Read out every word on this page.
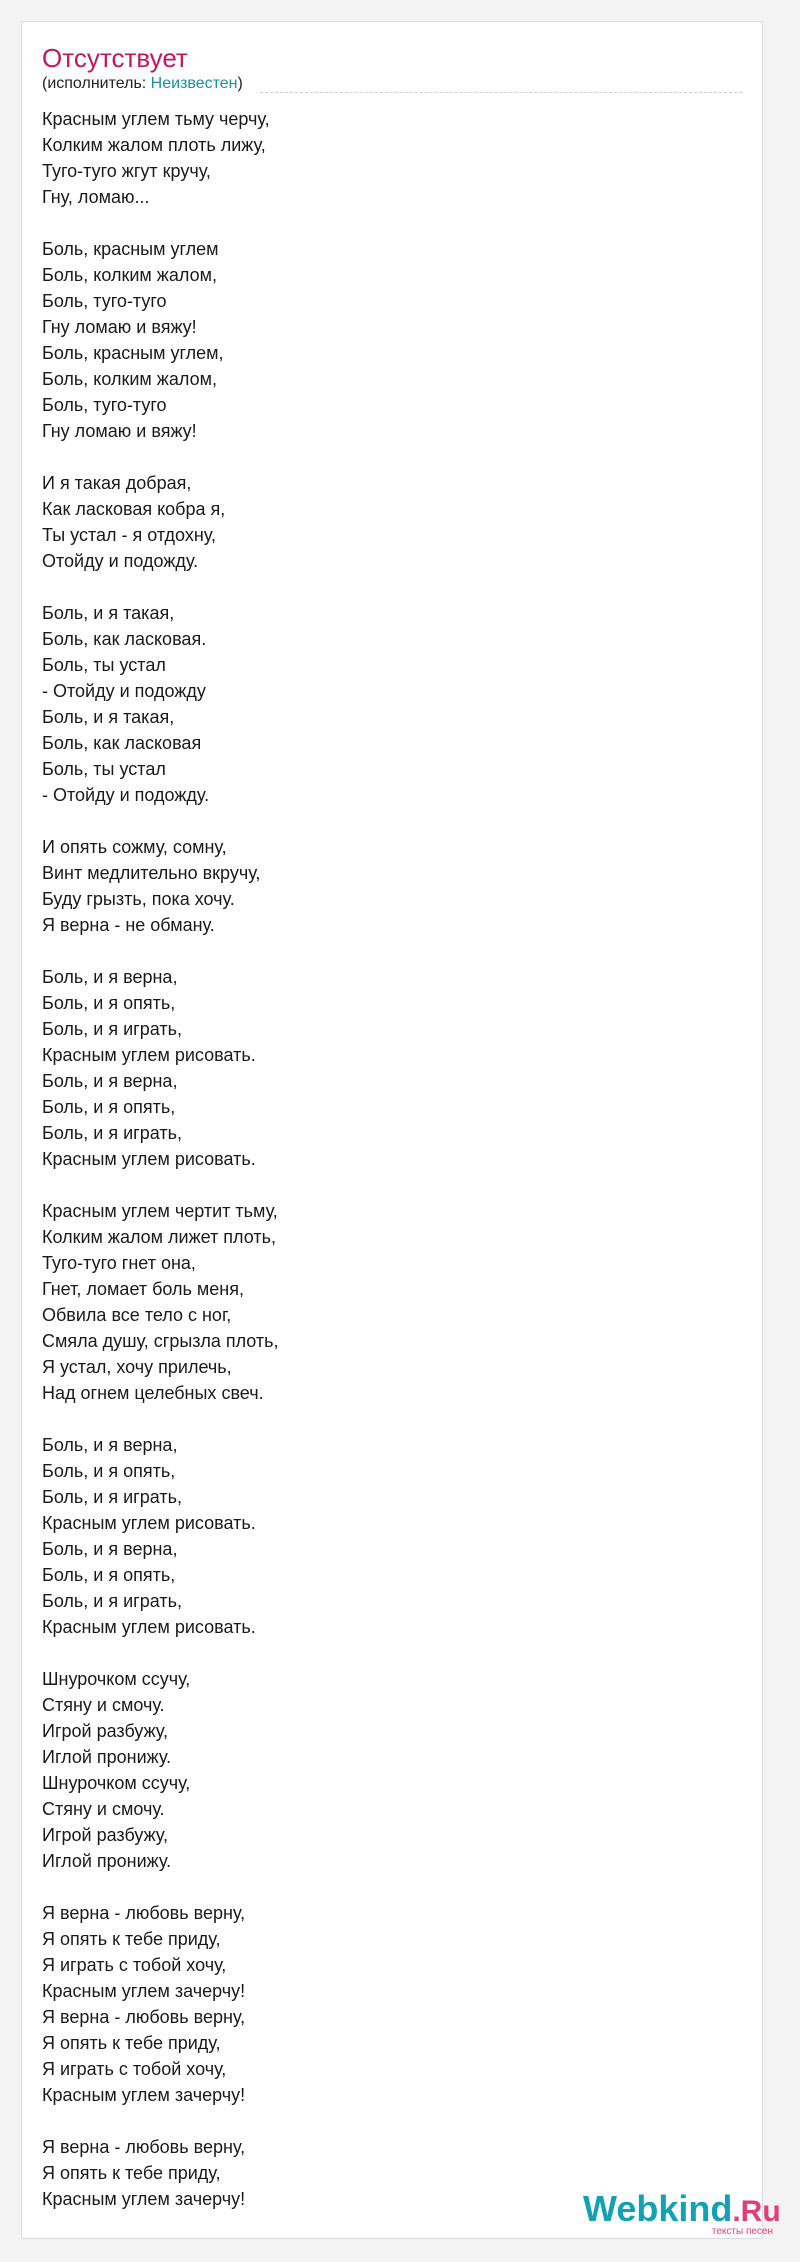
Отсутствует
(исполнитель: Неизвестен)
Красным углем тьму черчу,
Колким жалом плоть лижу,
Туго-туго жгут кручу,
Гну, ломаю...
Боль, красным углем
Боль, колким жалом,
Боль, туго-туго
Гну ломаю и вяжу!
Боль, красным углем,
Боль, колким жалом,
Боль, туго-туго
Гну ломаю и вяжу!
И я такая добрая,
Как ласковая кобра я,
Ты устал - я отдохну,
Отойду и подожду.
Боль, и я такая,
Боль, как ласковая.
Боль, ты устал
- Отойду и подожду
Боль, и я такая,
Боль, как ласковая
Боль, ты устал
- Отойду и подожду.
И опять сожму, сомну,
Винт медлительно вкручу,
Буду грызть, пока хочу.
Я верна - не обману.
Боль, и я верна,
Боль, и я опять,
Боль, и я играть,
Красным углем рисовать.
Боль, и я верна,
Боль, и я опять,
Боль, и я играть,
Красным углем рисовать.
Красным углем чертит тьму,
Колким жалом лижет плоть,
Туго-туго гнет она,
Гнет, ломает боль меня,
Обвила все тело с ног,
Смяла душу, сгрызла плоть,
Я устал, хочу прилечь,
Над огнем целебных свеч.
Боль, и я верна,
Боль, и я опять,
Боль, и я играть,
Красным углем рисовать.
Боль, и я верна,
Боль, и я опять,
Боль, и я играть,
Красным углем рисовать.
Шнурочком ссучу,
Стяну и смочу.
Игрой разбужу,
Иглой пронижу.
Шнурочком ссучу,
Стяну и смочу.
Игрой разбужу,
Иглой пронижу.
Я верна - любовь верну,
Я опять к тебе приду,
Я играть с тобой хочу,
Красным углем зачерчу!
Я верна - любовь верну,
Я опять к тебе приду,
Я играть с тобой хочу,
Красным углем зачерчу!
Я верна - любовь верну,
Я опять к тебе приду,
Красным углем зачерчу!	Webkind.Ru
тексты песен
